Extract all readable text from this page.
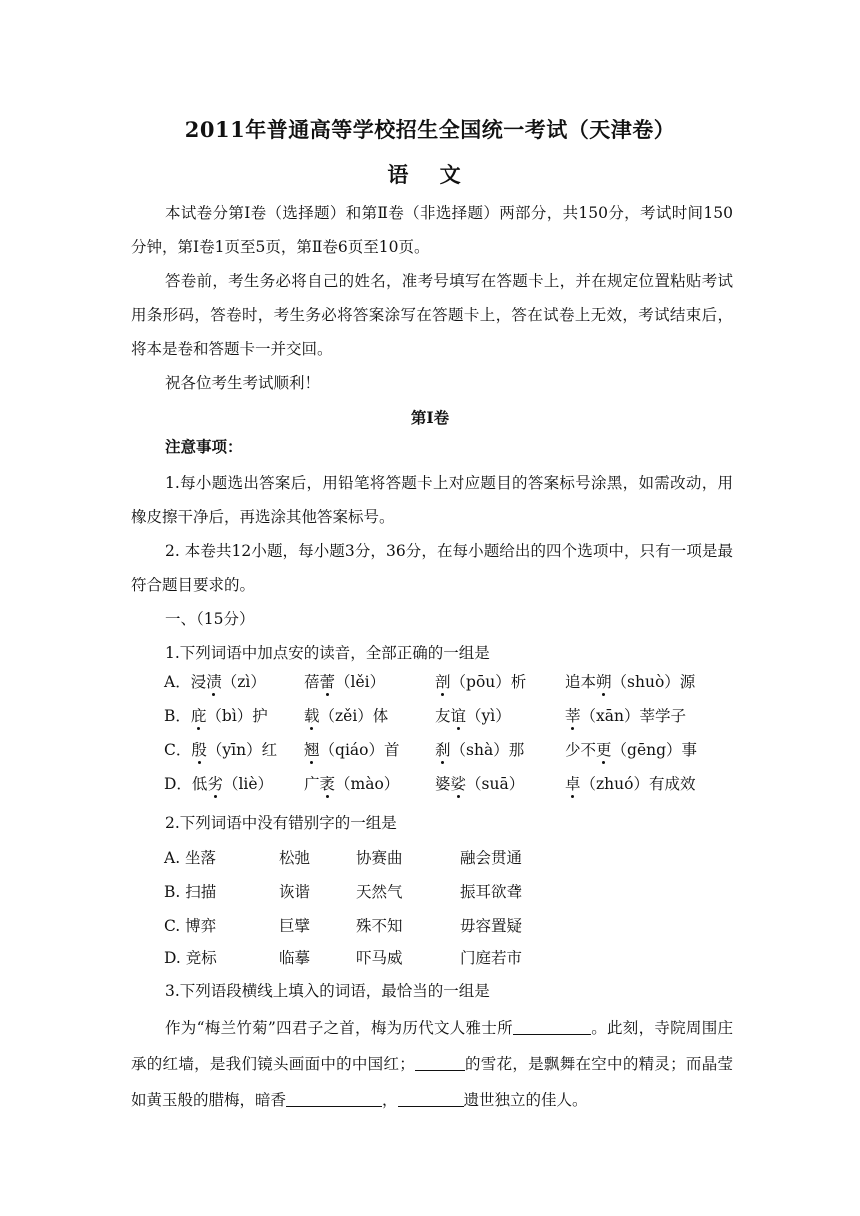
2011年普通高等学校招生全国统一考试（天津卷）
语 文
本试卷分第Ⅰ卷（选择题）和第Ⅱ卷（非选择题）两部分，共150分，考试时间150分钟，第Ⅰ卷1页至5页，第Ⅱ卷6页至10页。
答卷前，考生务必将自己的姓名，准考号填写在答题卡上，并在规定位置粘贴考试用条形码，答卷时，考生务必将答案涂写在答题卡上，答在试卷上无效，考试结束后，将本是卷和答题卡一并交回。
祝各位考生考试顺利！
第Ⅰ卷
注意事项：
1.每小题选出答案后，用铅笔将答题卡上对应题目的答案标号涂黑，如需改动，用橡皮擦干净后，再选涂其他答案标号。
2. 本卷共12小题，每小题3分，36分，在每小题给出的四个选项中，只有一项是最符合题目要求的。
一、（15分）
1.下列词语中加点安的读音，全部正确的一组是
A．浸渍（zì） 蓓蕾（lěi）	剖（pōu）析 追本朔（shuò）源
B．庇（bì）护 载（zěi）体	友谊（yì）	莘（xān）莘学子
C．殷（yīn）红 翘（qiáo）首 刹（shà）那	少不更（gēng）事
D．低劣（liè） 广袤（mào） 婆娑（suā）	卓（zhuó）有成效
2.下列词语中没有错别字的一组是
A. 坐落	松弛	协赛曲	融会贯通
B. 扫描	诙谐	天然气	振耳欲聋
C. 博弈	巨擘	殊不知	毋容置疑
D. 竞标	临摹	吓马威	门庭若市
3.下列语段横线上填入的词语，最恰当的一组是
作为“梅兰竹菊”四君子之首，梅为历代文人雅士所	。此刻，寺院周围庄承的红墙，是我们镜头画面中的中国红；	的雪花，是飘舞在空中的精灵；而晶莹如黄玉般的腊梅，暗香	，	遗世独立的佳人。
